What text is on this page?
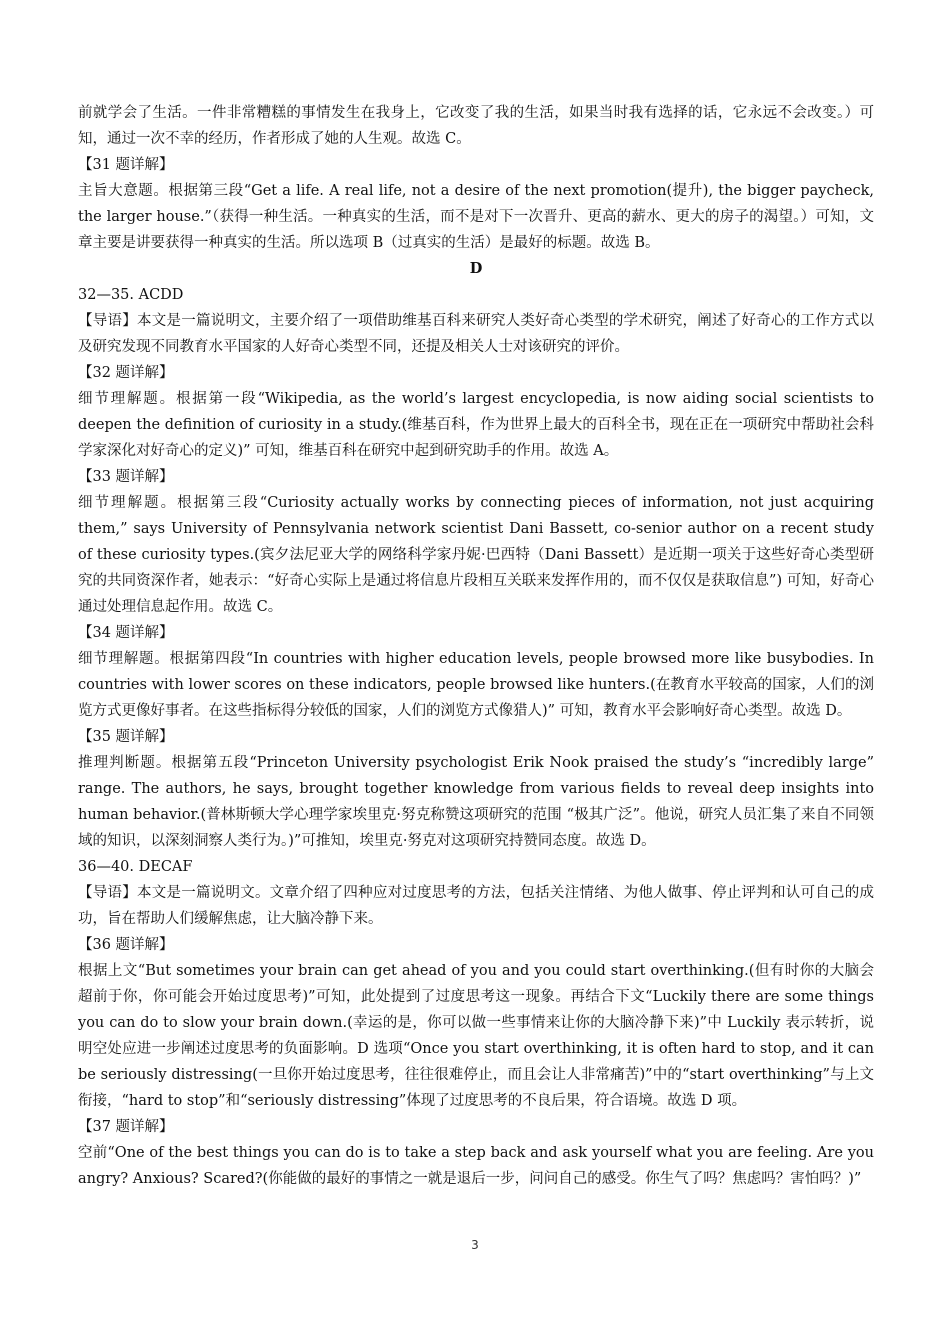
前就学会了生活。一件非常糟糕的事情发生在我身上，它改变了我的生活，如果当时我有选择的话，它永远不会改变。）可知，通过一次不幸的经历，作者形成了她的人生观。故选 C。

【31 题详解】

主旨大意题。根据第三段“Get a life. A real life, not a desire of the next promotion(提升), the bigger paycheck, the larger house.”（获得一种生活。一种真实的生活，而不是对下一次晋升、更高的薪水、更大的房子的渴望。）可知，文章主要是讲要获得一种真实的生活。所以选项 B（过真实的生活）是最好的标题。故选 B。

D

32—35. ACDD

【导语】本文是一篇说明文，主要介绍了一项借助维基百科来研究人类好奇心类型的学术研究，阐述了好奇心的工作方式以及研究发现不同教育水平国家的人好奇心类型不同，还提及相关人士对该研究的评价。

【32 题详解】

细节理解题。根据第一段“Wikipedia, as the world’s largest encyclopedia, is now aiding social scientists to deepen the definition of curiosity in a study.(维基百科，作为世界上最大的百科全书，现在正在一项研究中帮助社会科学家深化对好奇心的定义)” 可知，维基百科在研究中起到研究助手的作用。故选 A。

【33 题详解】

细节理解题。根据第三段“Curiosity actually works by connecting pieces of information, not just acquiring them,” says University of Pennsylvania network scientist Dani Bassett, co-senior author on a recent study of these curiosity types.(宾夕法尼亚大学的网络科学家丹妮·巴西特（Dani Bassett）是近期一项关于这些好奇心类型研究的共同资深作者，她表示：“好奇心实际上是通过将信息片段相互关联来发挥作用的，而不仅仅是获取信息”) 可知，好奇心通过处理信息起作用。故选 C。

【34 题详解】

细节理解题。根据第四段“In countries with higher education levels, people browsed more like busybodies. In countries with lower scores on these indicators, people browsed like hunters.(在教育水平较高的国家，人们的浏览方式更像好事者。在这些指标得分较低的国家，人们的浏览方式像猎人)” 可知，教育水平会影响好奇心类型。故选 D。

【35 题详解】

推理判断题。根据第五段“Princeton University psychologist Erik Nook praised the study’s “incredibly large” range. The authors, he says, brought together knowledge from various fields to reveal deep insights into human behavior.(普林斯顿大学心理学家埃里克·努克称赞这项研究的范围 “极其广泛”。他说，研究人员汇集了来自不同领域的知识，以深刻洞察人类行为。)”可推知，埃里克·努克对这项研究持赞同态度。故选 D。

36—40. DECAF

【导语】本文是一篇说明文。文章介绍了四种应对过度思考的方法，包括关注情绪、为他人做事、停止评判和认可自己的成功，旨在帮助人们缓解焦虑，让大脑冷静下来。

【36 题详解】

根据上文“But sometimes your brain can get ahead of you and you could start overthinking.(但有时你的大脑会超前于你，你可能会开始过度思考)”可知，此处提到了过度思考这一现象。再结合下文“Luckily there are some things you can do to slow your brain down.(幸运的是，你可以做一些事情来让你的大脑冷静下来)”中 Luckily 表示转折，说明空处应进一步阐述过度思考的负面影响。D 选项“Once you start overthinking, it is often hard to stop, and it can be seriously distressing(一旦你开始过度思考，往往很难停止，而且会让人非常痛苦)”中的“start overthinking”与上文衔接，“hard to stop”和“seriously distressing”体现了过度思考的不良后果，符合语境。故选 D 项。

【37 题详解】

空前“One of the best things you can do is to take a step back and ask yourself what you are feeling. Are you angry? Anxious? Scared?(你能做的最好的事情之一就是退后一步，问问自己的感受。你生气了吗？焦虑吗？害怕吗？)”

3
